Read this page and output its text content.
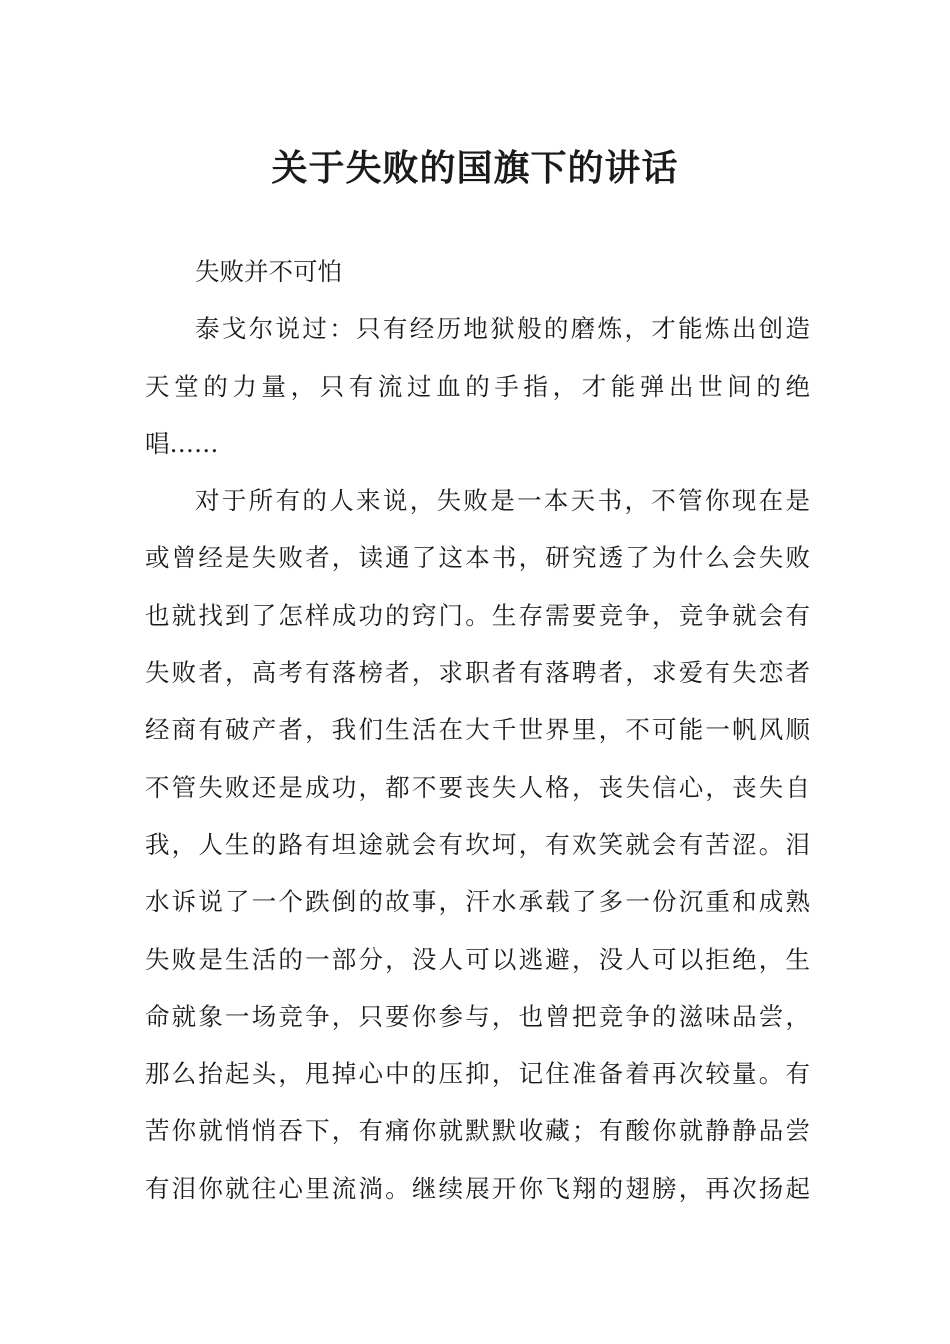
关于失败的国旗下的讲话
失败并不可怕
泰戈尔说过：只有经历地狱般的磨炼，才能炼出创造
天堂的力量，只有流过血的手指，才能弹出世间的绝
唱……
对于所有的人来说，失败是一本天书，不管你现在是
或曾经是失败者，读通了这本书，研究透了为什么会失败
也就找到了怎样成功的窍门。生存需要竞争，竞争就会有
失败者，高考有落榜者，求职者有落聘者，求爱有失恋者
经商有破产者，我们生活在大千世界里，不可能一帆风顺
不管失败还是成功，都不要丧失人格，丧失信心，丧失自
我，人生的路有坦途就会有坎坷，有欢笑就会有苦涩。泪
水诉说了一个跌倒的故事，汗水承载了多一份沉重和成熟
失败是生活的一部分，没人可以逃避，没人可以拒绝，生
命就象一场竞争，只要你参与，也曾把竞争的滋味品尝，
那么抬起头，甩掉心中的压抑，记住准备着再次较量。有
苦你就悄悄吞下，有痛你就默默收藏；有酸你就静静品尝
有泪你就往心里流淌。继续展开你飞翔的翅膀，再次扬起
